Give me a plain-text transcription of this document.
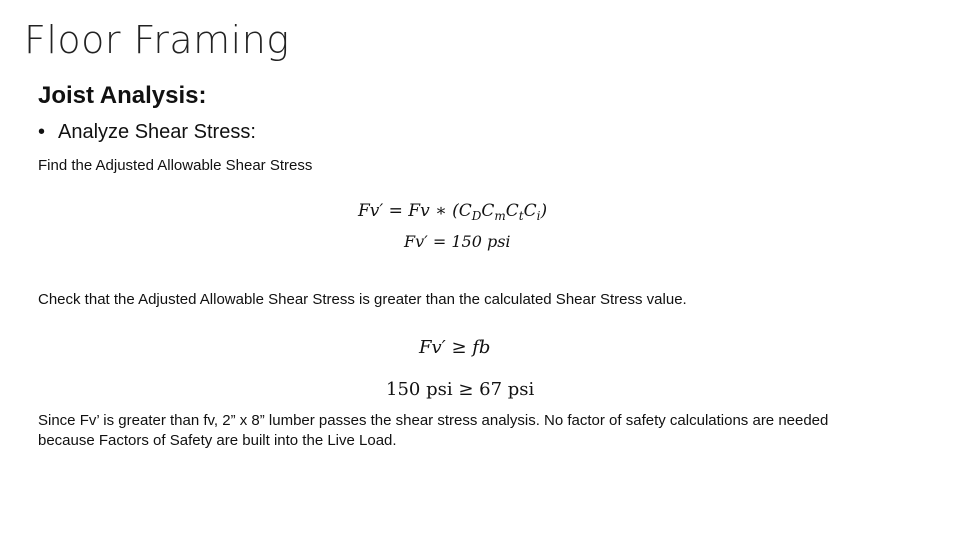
Floor Framing
Joist Analysis:
• Analyze Shear Stress:
Find the Adjusted Allowable Shear Stress
Fv′ = Fv ∗ $(C_DC_mC_tC_i)$
Fv′ = 150 psi
Check that the Adjusted Allowable Shear Stress is greater than the calculated Shear Stress value.
Fv′ ≥ fb
150 psi ≥ 67 psi
Since Fv’ is greater than fv, 2” x 8” lumber passes the shear stress analysis. No factor of safety calculations are needed because Factors of Safety are built into the Live Load.
